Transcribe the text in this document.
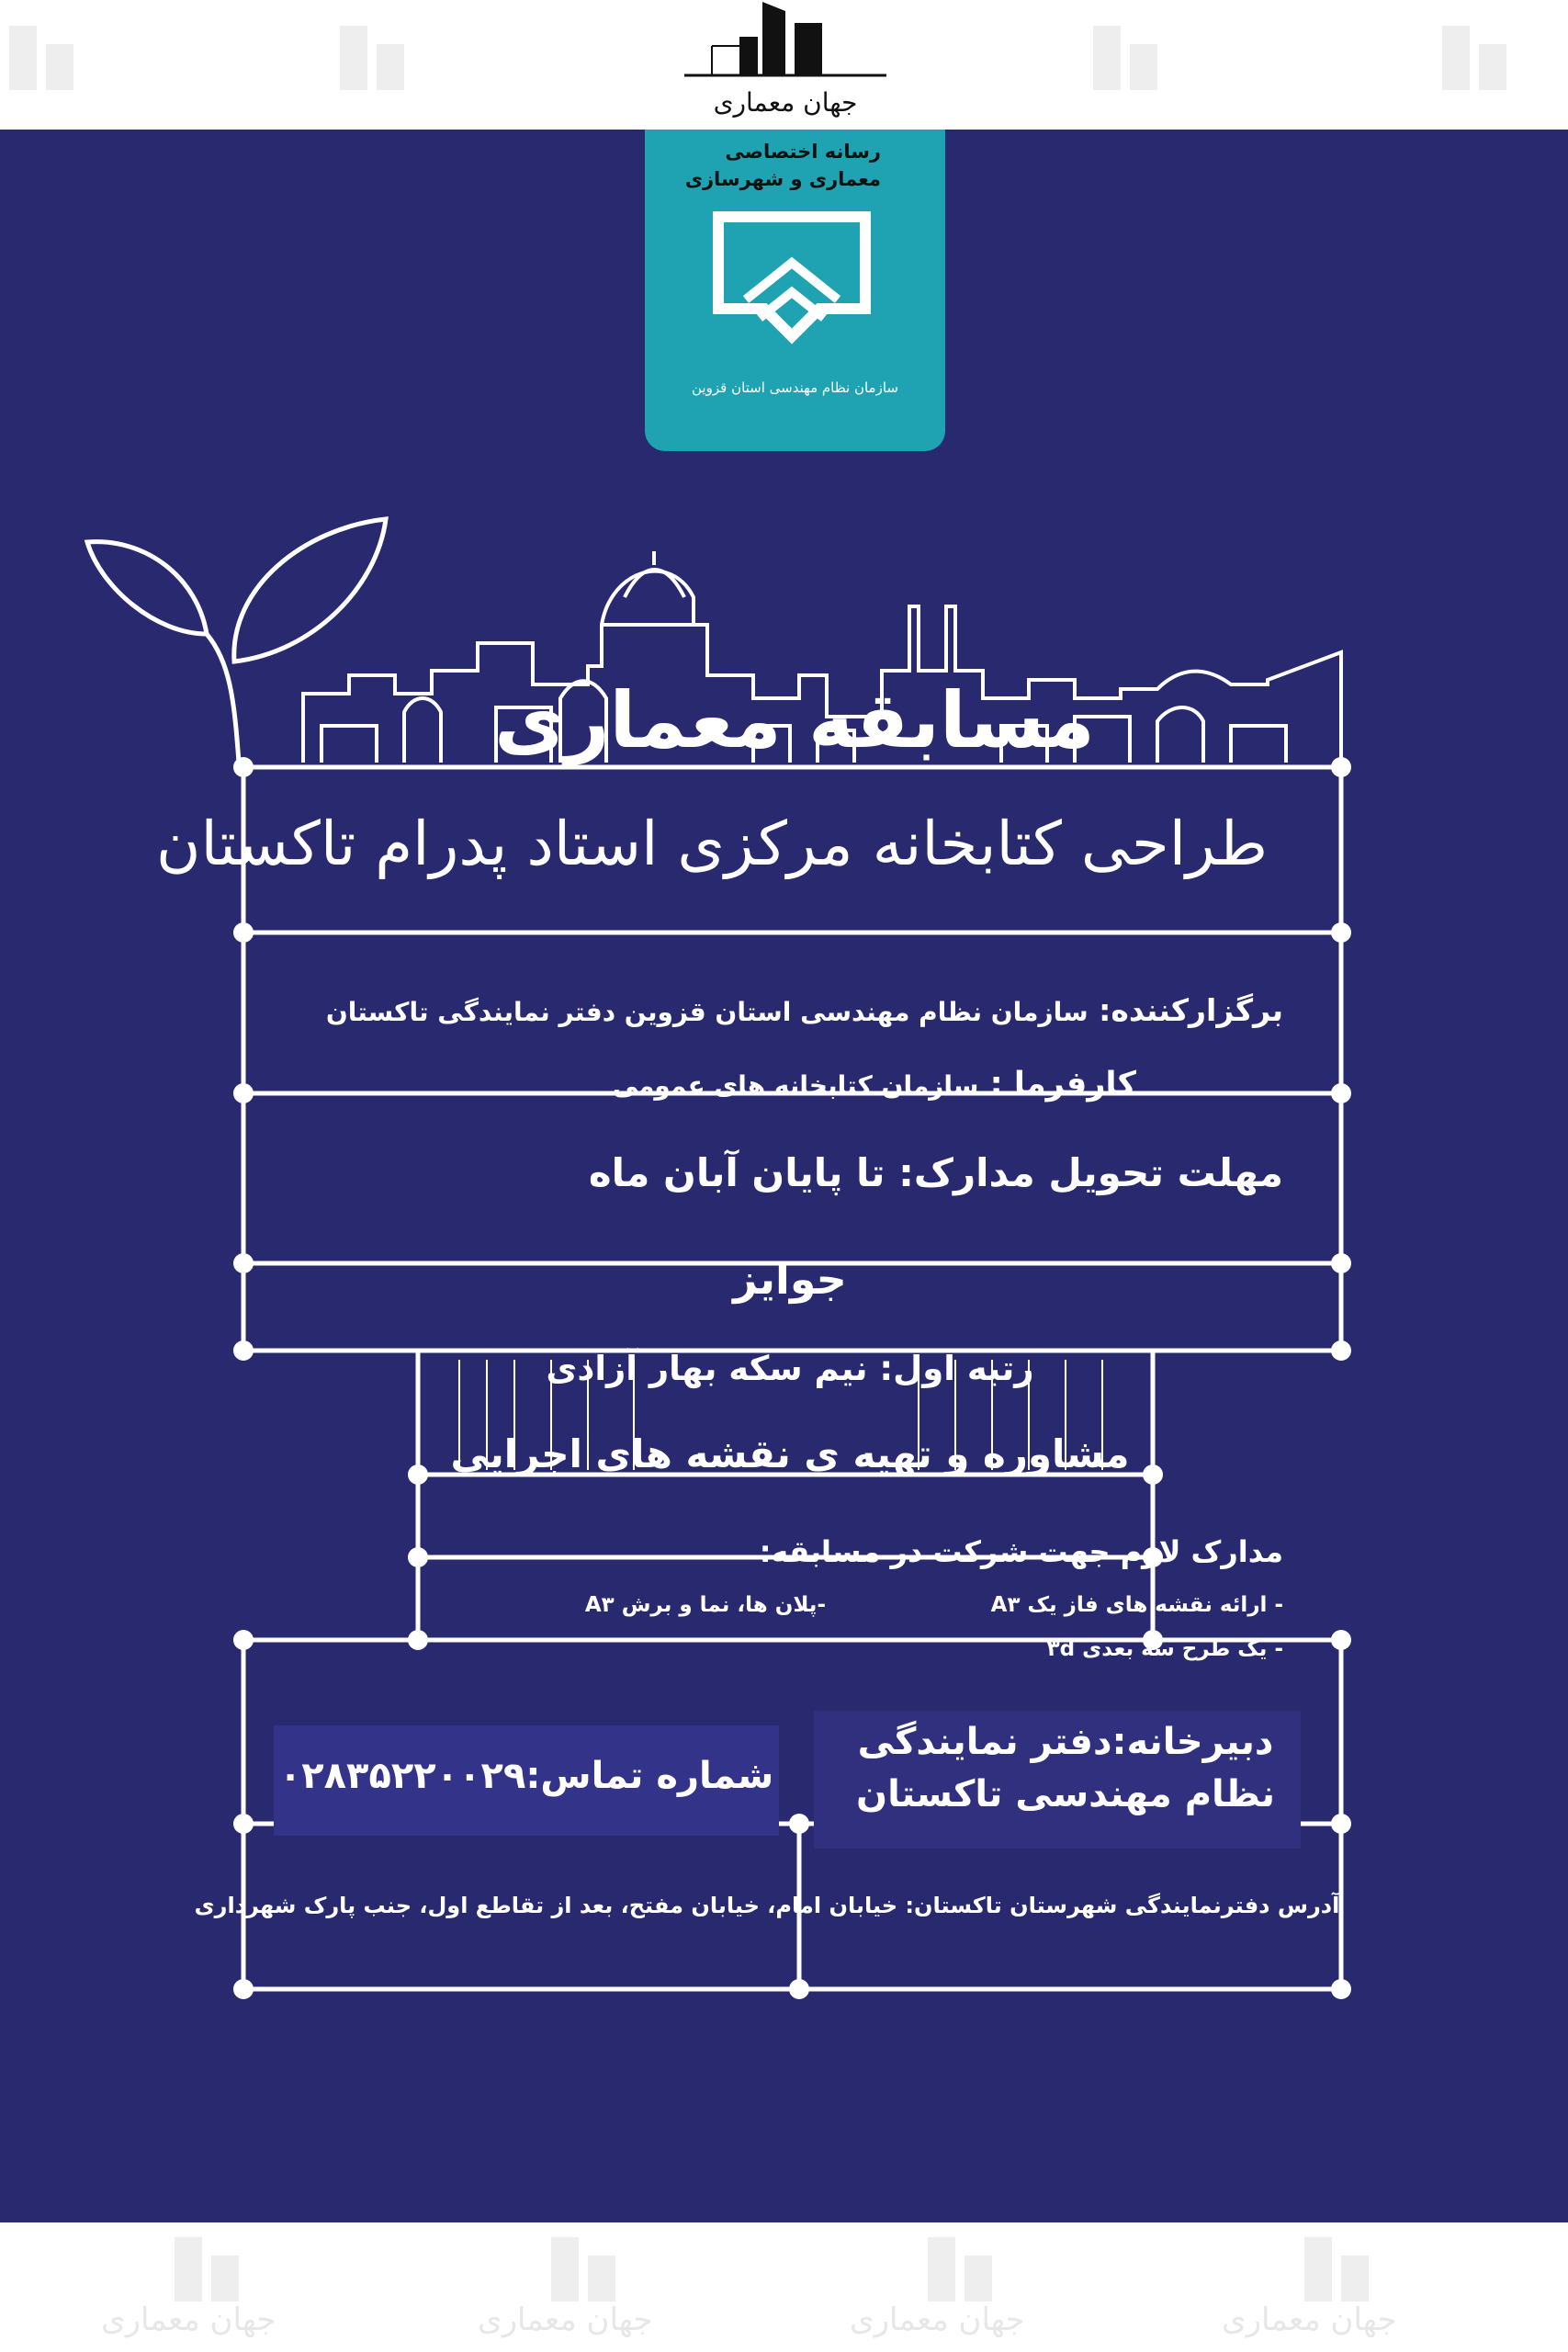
جهان معماری	جهان معماری	جهان معماری	جهان معماری
جهان معماری
رسانه اختصاصی
معماری و شهرسازی
سازمان نظام مهندسی استان قزوین
مسابقه معماری
طراحی کتابخانه مرکزی استاد پدرام تاکستان
برگزارکننده: سازمان نظام مهندسی استان قزوین دفتر نمایندگی تاکستان
کارفرما : سازمان کتابخانه های عمومی
مهلت تحویل مدارک: تا پایان آبان ماه
جوایز
رتبه اول: نیم سکه بهار آزادی
مشاوره و تهیه ی نقشه های اجرایی
مدارک لازم جهت شرکت در مسابقه:
- ارائه نقشه های فاز یک A۳
- یک طرح سه بعدی ۳d
-پلان ها، نما و برش A۳
دبیرخانه:دفتر نمایندگی
نظام مهندسی تاکستان
شماره تماس:۰۲۸۳۵۲۲۰۰۲۹
آدرس دفترنمایندگی شهرستان تاکستان: خیابان امام، خیابان مفتح، بعد از تقاطع اول، جنب پارک شهرداری
